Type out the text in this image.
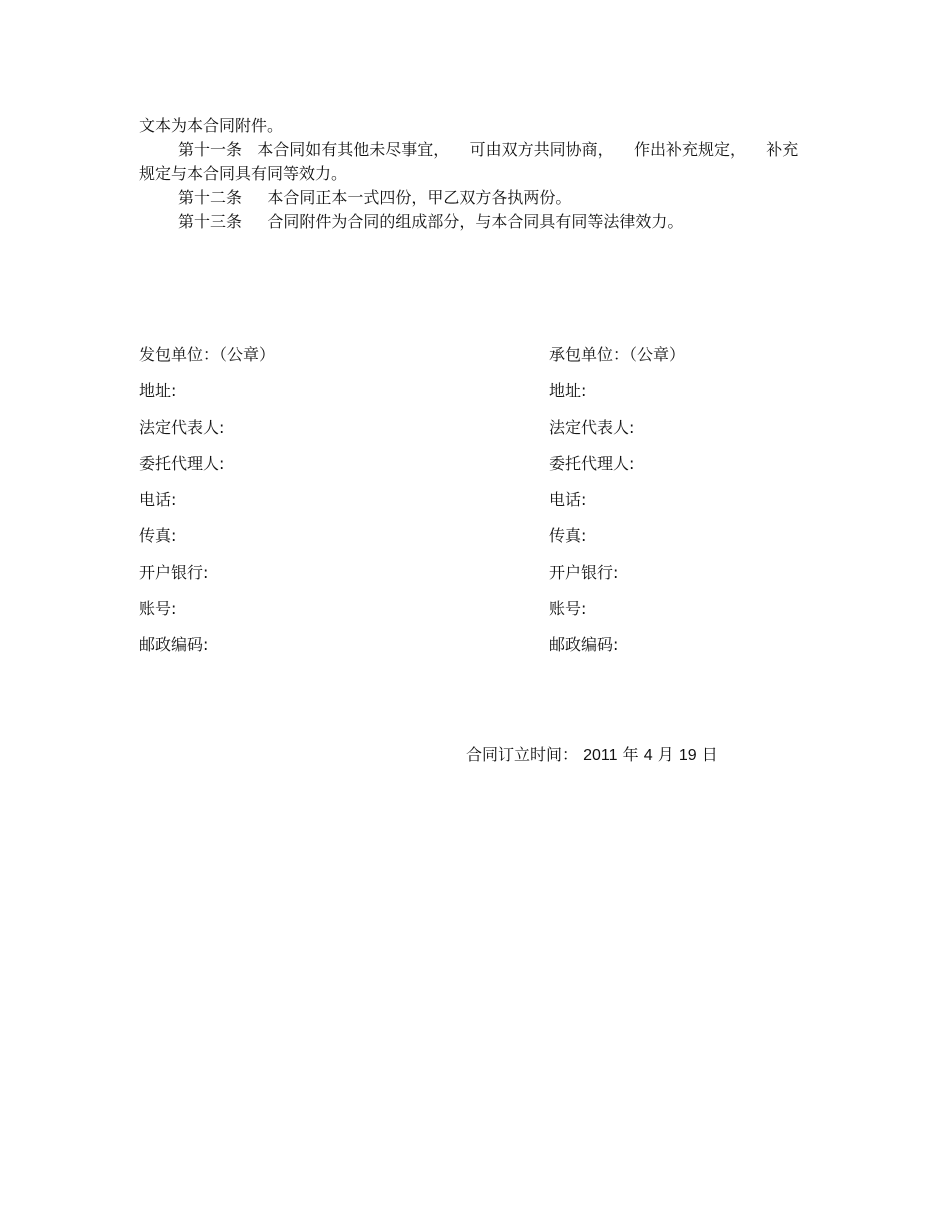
文本为本合同附件。
第十一条   本合同如有其他未尽事宜，    可由双方共同协商，    作出补充规定，    补充
规定与本合同具有同等效力。
第十二条     本合同正本一式四份，甲乙双方各执两份。
第十三条     合同附件为合同的组成部分，与本合同具有同等法律效力。
发包单位：（公章）
地址:
法定代表人:
委托代理人:
电话:
传真:
开户银行:
账号:
邮政编码:
承包单位：（公章）
地址:
法定代表人:
委托代理人:
电话:
传真:
开户银行:
账号:
邮政编码:
合同订立时间： 2011 年 4 月 19 日
